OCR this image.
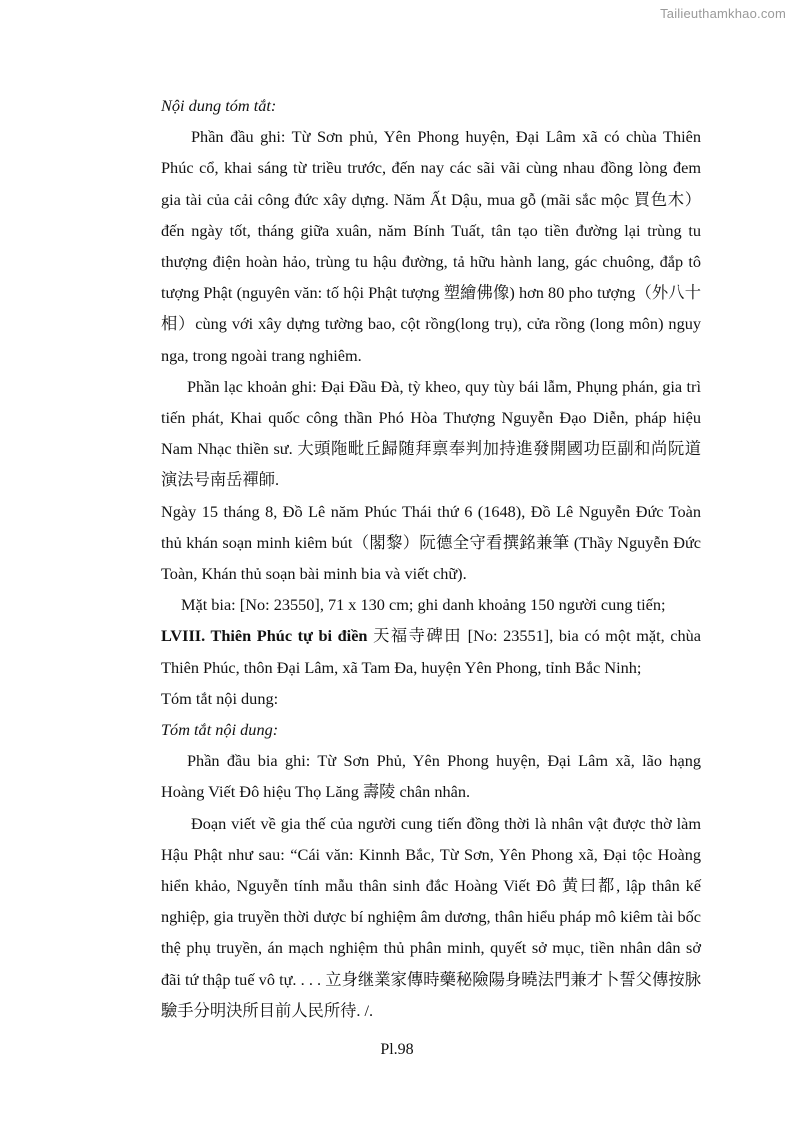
Tailieuthamkhao.com

Nội dung tóm tắt:

Phần đầu ghi: Từ Sơn phủ, Yên Phong huyện, Đại Lâm xã có chùa Thiên Phúc cổ, khai sáng từ triều trước, đến nay các sãi vãi cùng nhau đồng lòng đem gia tài của cải công đức xây dựng. Năm Ất Dậu, mua gỗ (mãi sắc mộc 買色木）đến ngày tốt, tháng giữa xuân, năm Bính Tuất, tân tạo tiền đường lại trùng tu thượng điện hoàn hảo, trùng tu hậu đường, tả hữu hành lang, gác chuông, đắp tô tượng Phật (nguyên văn: tố hội Phật tượng 塑繪佛像) hơn 80 pho tượng（外八十相）cùng với xây dựng tường bao, cột rồng(long trụ), cửa rồng (long môn) nguy nga, trong ngoài trang nghiêm.

Phần lạc khoản ghi: Đại Đầu Đà, tỳ kheo, quy tùy bái lẫm, Phụng phán, gia trì tiến phát, Khai quốc công thần Phó Hòa Thượng Nguyễn Đạo Diễn, pháp hiệu Nam Nhạc thiền sư. 大頭陁毗丘歸随拜禀奉判加持進發開國功臣副和尚阮道演法号南岳禪師.

Ngày 15 tháng 8, Đồ Lê năm Phúc Thái thứ 6 (1648), Đồ Lê Nguyễn Đức Toàn thủ khán soạn minh kiêm bút（閣黎）阮德全守看撰銘兼筆 (Thầy Nguyễn Đức Toàn, Khán thủ soạn bài minh bia và viết chữ).

Mặt bia: [No: 23550], 71 x 130 cm; ghi danh khoảng 150 người cung tiến;

LVIII. Thiên Phúc tự bi điền 天福寺碑田 [No: 23551], bia có một mặt, chùa Thiên Phúc, thôn Đại Lâm, xã Tam Đa, huyện Yên Phong, tỉnh Bắc Ninh;

Tóm tắt nội dung:

Tóm tắt nội dung:

Phần đầu bia ghi: Từ Sơn Phủ, Yên Phong huyện, Đại Lâm xã, lão hạng Hoàng Viết Đô hiệu Thọ Lăng 壽陵 chân nhân.

Đoạn viết về gia thế của người cung tiến đồng thời là nhân vật được thờ làm Hậu Phật như sau: “Cái văn: Kinnh Bắc, Từ Sơn, Yên Phong xã, Đại tộc Hoàng hiển khảo, Nguyễn tính mẫu thân sinh đắc Hoàng Viết Đô 黄曰都, lập thân kế nghiệp, gia truyền thời dược bí nghiệm âm dương, thân hiểu pháp mô kiêm tài bốc thệ phụ truyền, án mạch nghiệm thủ phân minh, quyết sở mục, tiền nhân dân sở đãi tứ thập tuế vô tự. . . . 立身继業家傳時藥秘險陽身曉法門兼才卜誓父傳按脉驗手分明決所目前人民所待. /.

Pl.98
